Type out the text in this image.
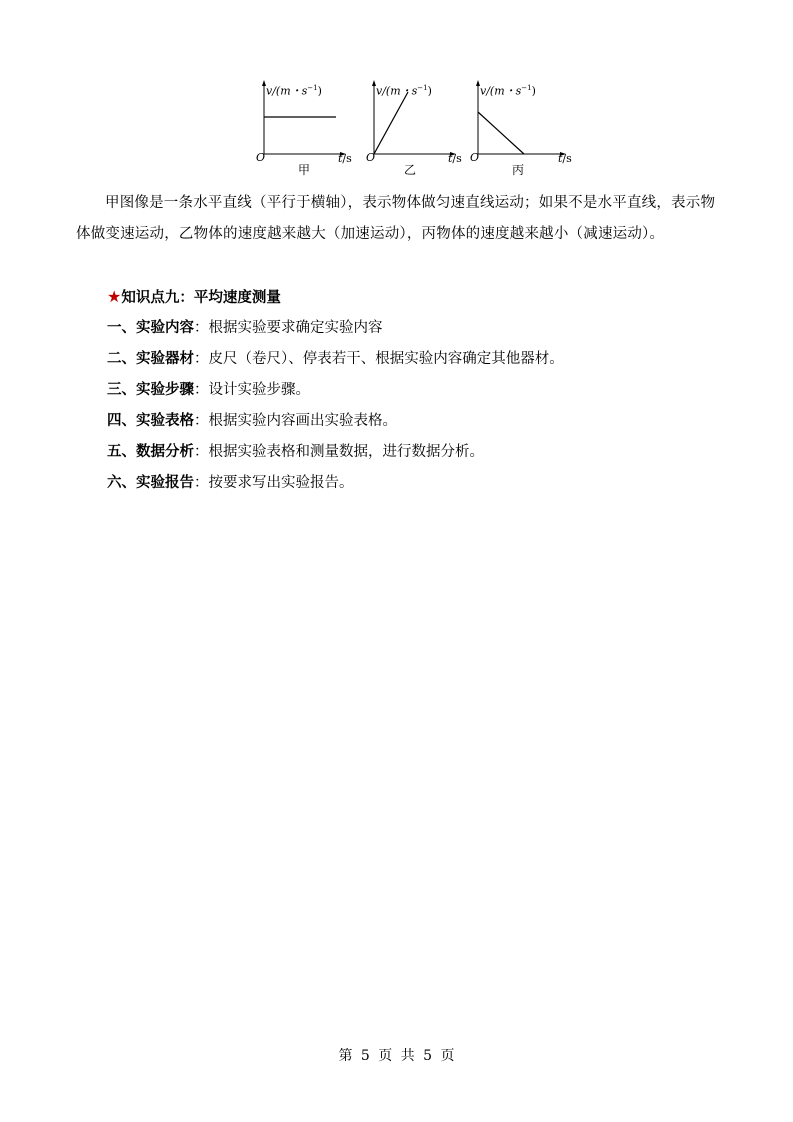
v/(m・$s^{-1}$)
O	t/s
甲
v/(m・$s^{-1}$)
O	t/s
乙
v/(m・$s^{-1}$)
O	t/s
丙
甲图像是一条水平直线（平行于横轴），表示物体做匀速直线运动；如果不是水平直线，表示物体做变速运动，乙物体的速度越来越大（加速运动），丙物体的速度越来越小（减速运动）。
★知识点九：平均速度测量
一、实验内容：根据实验要求确定实验内容
二、实验器材：皮尺（卷尺）、停表若干、根据实验内容确定其他器材。
三、实验步骤：设计实验步骤。
四、实验表格：根据实验内容画出实验表格。
五、数据分析：根据实验表格和测量数据，进行数据分析。
六、实验报告：按要求写出实验报告。
第 5 页 共 5 页
